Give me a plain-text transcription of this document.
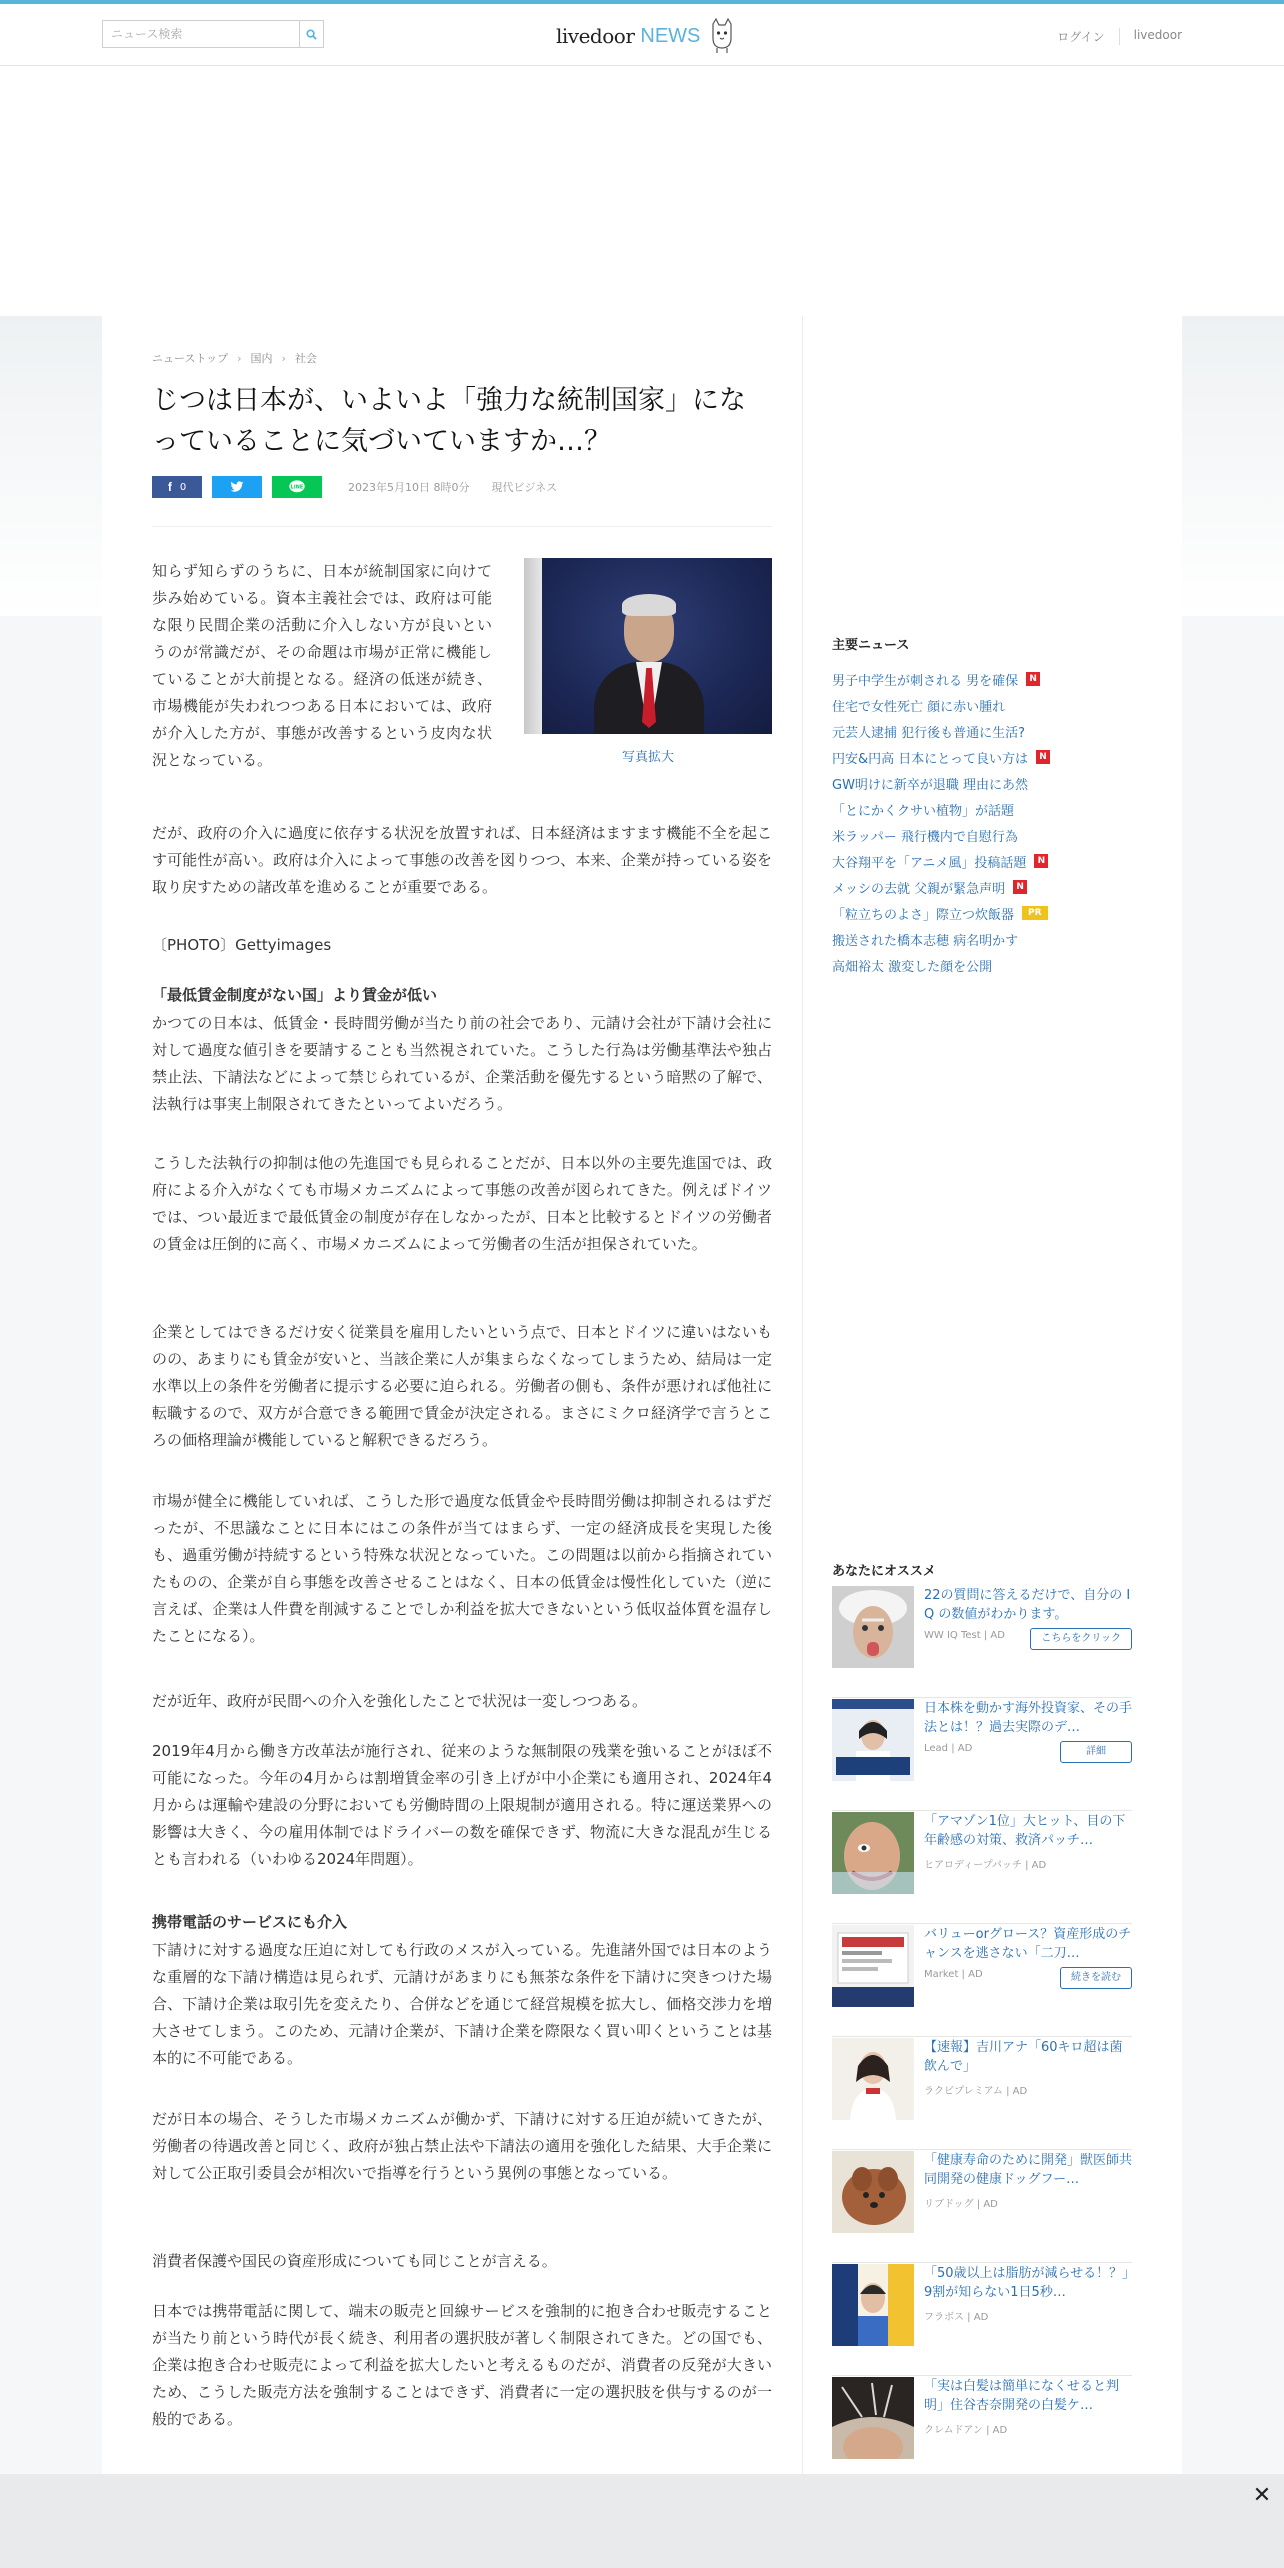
ニュース検索
livedoor NEWS	ログイン	livedoor
ニューストップ › 国内 › 社会
じつは日本が、いよいよ「強力な統制国家」になっていることに気づいていますか…？
f 0	LINE	2023年5月10日 8時0分 現代ビジネス
写真拡大

知らず知らずのうちに、日本が統制国家に向けて歩み始めている。資本主義社会では、政府は可能な限り民間企業の活動に介入しない方が良いというのが常識だが、その命題は市場が正常に機能していることが大前提となる。経済の低迷が続き、市場機能が失われつつある日本においては、政府が介入した方が、事態が改善するという皮肉な状況となっている。

だが、政府の介入に過度に依存する状況を放置すれば、日本経済はますます機能不全を起こす可能性が高い。政府は介入によって事態の改善を図りつつ、本来、企業が持っている姿を取り戻すための諸改革を進めることが重要である。

〔PHOTO〕Gettyimages

「最低賃金制度がない国」より賃金が低い

かつての日本は、低賃金・長時間労働が当たり前の社会であり、元請け会社が下請け会社に対して過度な値引きを要請することも当然視されていた。こうした行為は労働基準法や独占禁止法、下請法などによって禁じられているが、企業活動を優先するという暗黙の了解で、法執行は事実上制限されてきたといってよいだろう。

こうした法執行の抑制は他の先進国でも見られることだが、日本以外の主要先進国では、政府による介入がなくても市場メカニズムによって事態の改善が図られてきた。例えばドイツでは、つい最近まで最低賃金の制度が存在しなかったが、日本と比較するとドイツの労働者の賃金は圧倒的に高く、市場メカニズムによって労働者の生活が担保されていた。

企業としてはできるだけ安く従業員を雇用したいという点で、日本とドイツに違いはないものの、あまりにも賃金が安いと、当該企業に人が集まらなくなってしまうため、結局は一定水準以上の条件を労働者に提示する必要に迫られる。労働者の側も、条件が悪ければ他社に転職するので、双方が合意できる範囲で賃金が決定される。まさにミクロ経済学で言うところの価格理論が機能していると解釈できるだろう。

市場が健全に機能していれば、こうした形で過度な低賃金や長時間労働は抑制されるはずだったが、不思議なことに日本にはこの条件が当てはまらず、一定の経済成長を実現した後も、過重労働が持続するという特殊な状況となっていた。この問題は以前から指摘されていたものの、企業が自ら事態を改善させることはなく、日本の低賃金は慢性化していた（逆に言えば、企業は人件費を削減することでしか利益を拡大できないという低収益体質を温存したことになる）。

だが近年、政府が民間への介入を強化したことで状況は一変しつつある。

2019年4月から働き方改革法が施行され、従来のような無制限の残業を強いることがほぼ不可能になった。今年の4月からは割増賃金率の引き上げが中小企業にも適用され、2024年4月からは運輸や建設の分野においても労働時間の上限規制が適用される。特に運送業界への影響は大きく、今の雇用体制ではドライバーの数を確保できず、物流に大きな混乱が生じるとも言われる（いわゆる2024年問題）。

携帯電話のサービスにも介入

下請けに対する過度な圧迫に対しても行政のメスが入っている。先進諸外国では日本のような重層的な下請け構造は見られず、元請けがあまりにも無茶な条件を下請けに突きつけた場合、下請け企業は取引先を変えたり、合併などを通じて経営規模を拡大し、価格交渉力を増大させてしまう。このため、元請け企業が、下請け企業を際限なく買い叩くということは基本的に不可能である。

だが日本の場合、そうした市場メカニズムが働かず、下請けに対する圧迫が続いてきたが、労働者の待遇改善と同じく、政府が独占禁止法や下請法の適用を強化した結果、大手企業に対して公正取引委員会が相次いで指導を行うという異例の事態となっている。

消費者保護や国民の資産形成についても同じことが言える。

日本では携帯電話に関して、端末の販売と回線サービスを強制的に抱き合わせ販売することが当たり前という時代が長く続き、利用者の選択肢が著しく制限されてきた。どの国でも、企業は抱き合わせ販売によって利益を拡大したいと考えるものだが、消費者の反発が大きいため、こうした販売方法を強制することはできず、消費者に一定の選択肢を供与するのが一般的である。

主要ニュース
男子中学生が刺される 男を確保	N
住宅で女性死亡 顔に赤い腫れ
元芸人逮捕 犯行後も普通に生活?
円安&円高 日本にとって良い方は	N
GW明けに新卒が退職 理由にあ然
「とにかくクサい植物」が話題
米ラッパー 飛行機内で自慰行為
大谷翔平を「アニメ風」投稿話題	N
メッシの去就 父親が緊急声明	N
「粒立ちのよさ」際立つ炊飯器	PR
搬送された橋本志穂 病名明かす
高畑裕太 激変した顔を公開
あなたにオススメ
22の質問に答えるだけで、自分の I Q の数値がわかります。
WW IQ Test | AD	こちらをクリック
日本株を動かす海外投資家、その手法とは！？過去実際のデ…
Lead | AD	詳細
「アマゾン1位」大ヒット、目の下年齢感の対策、救済パッチ…
ヒアロディープパッチ | AD
バリューorグロース？資産形成のチャンスを逃さない「二刀…
Market | AD	続きを読む
【速報】吉川アナ「60キロ超は菌飲んで」
ラクビプレミアム | AD
「健康寿命のために開発」獣医師共同開発の健康ドッグフー…
リブドッグ | AD
「50歳以上は脂肪が減らせる！？」9割が知らない1日5秒…
フラボス | AD
「実は白髪は簡単になくせると判明」住谷杏奈開発の白髪ケ…
クレムドアン | AD
✕
